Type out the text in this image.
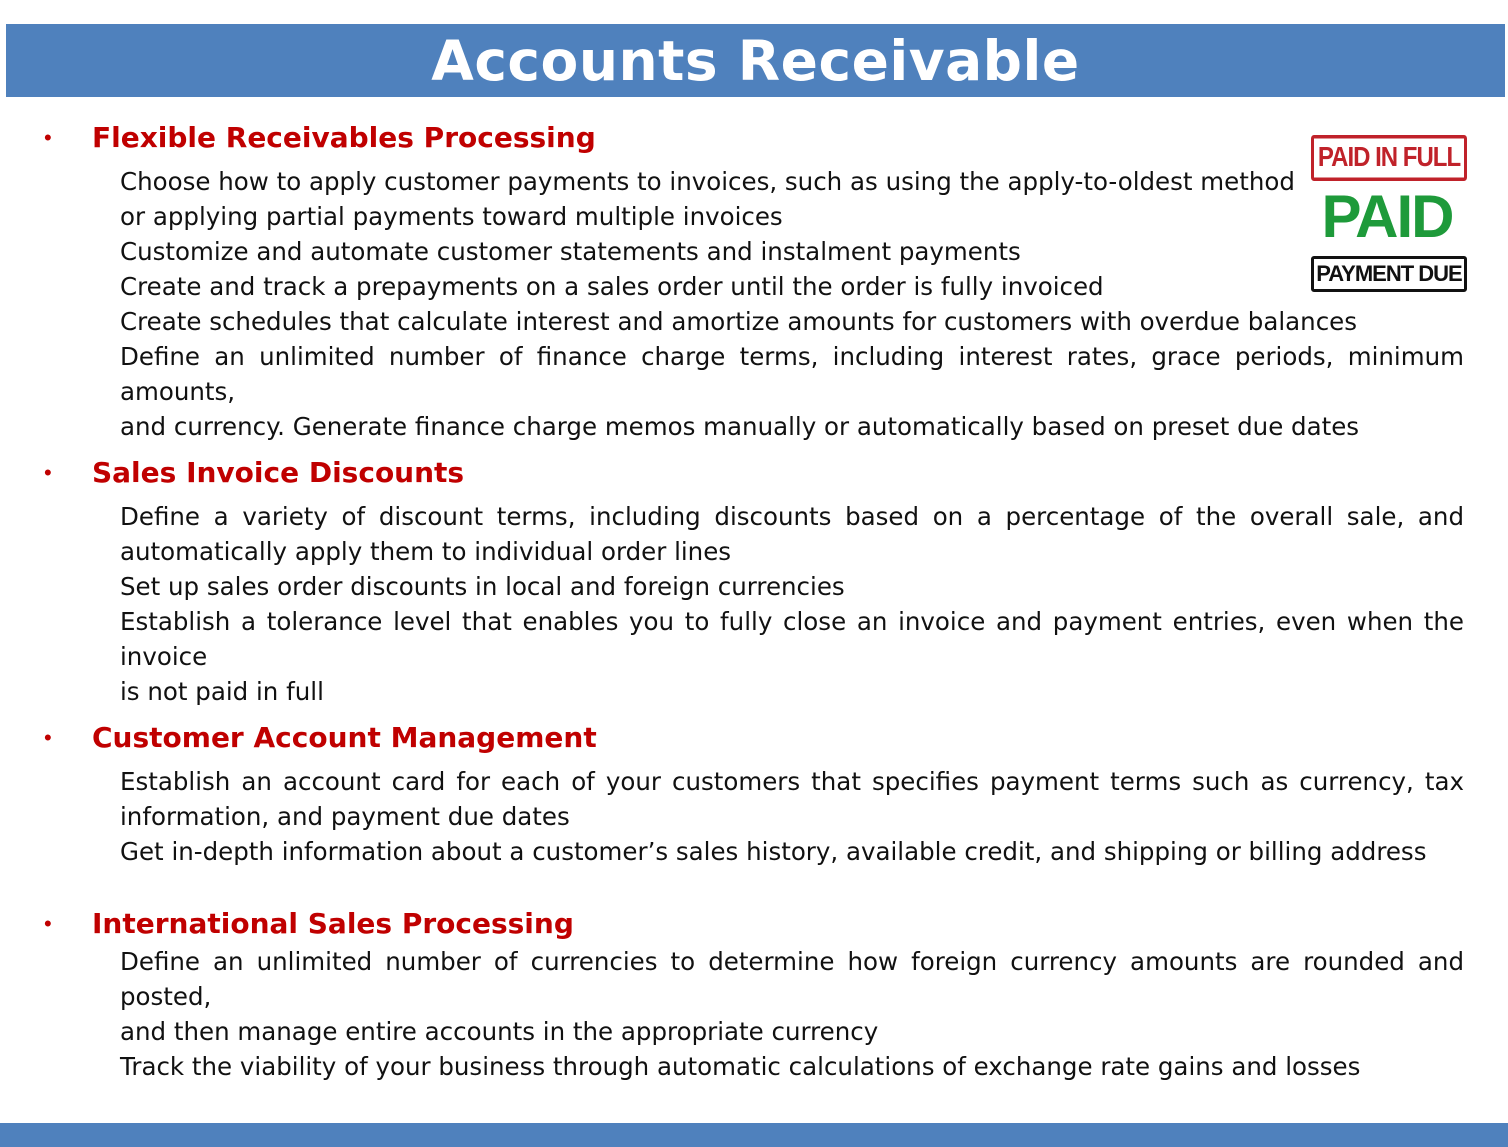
Accounts Receivable
• Flexible Receivables Processing
Choose how to apply customer payments to invoices, such as using the apply-to-oldest method
or applying partial payments toward multiple invoices
Customize and automate customer statements and instalment payments
Create and track a prepayments on a sales order until the order is fully invoiced
Create schedules that calculate interest and amortize amounts for customers with overdue balances
Define an unlimited number of finance charge terms, including interest rates, grace periods, minimum amounts,
and currency. Generate finance charge memos manually or automatically based on preset due dates
• Sales Invoice Discounts
Define a variety of discount terms, including discounts based on a percentage of the overall sale, and
automatically apply them to individual order lines
Set up sales order discounts in local and foreign currencies
Establish a tolerance level that enables you to fully close an invoice and payment entries, even when the invoice
is not paid in full
• Customer Account Management
Establish an account card for each of your customers that specifies payment terms such as currency, tax
information, and payment due dates
Get in-depth information about a customer’s sales history, available credit, and shipping or billing address
• International Sales Processing
Define an unlimited number of currencies to determine how foreign currency amounts are rounded and posted,
and then manage entire accounts in the appropriate currency
Track the viability of your business through automatic calculations of exchange rate gains and losses
PAID IN FULL
PAID
PAYMENT DUE
